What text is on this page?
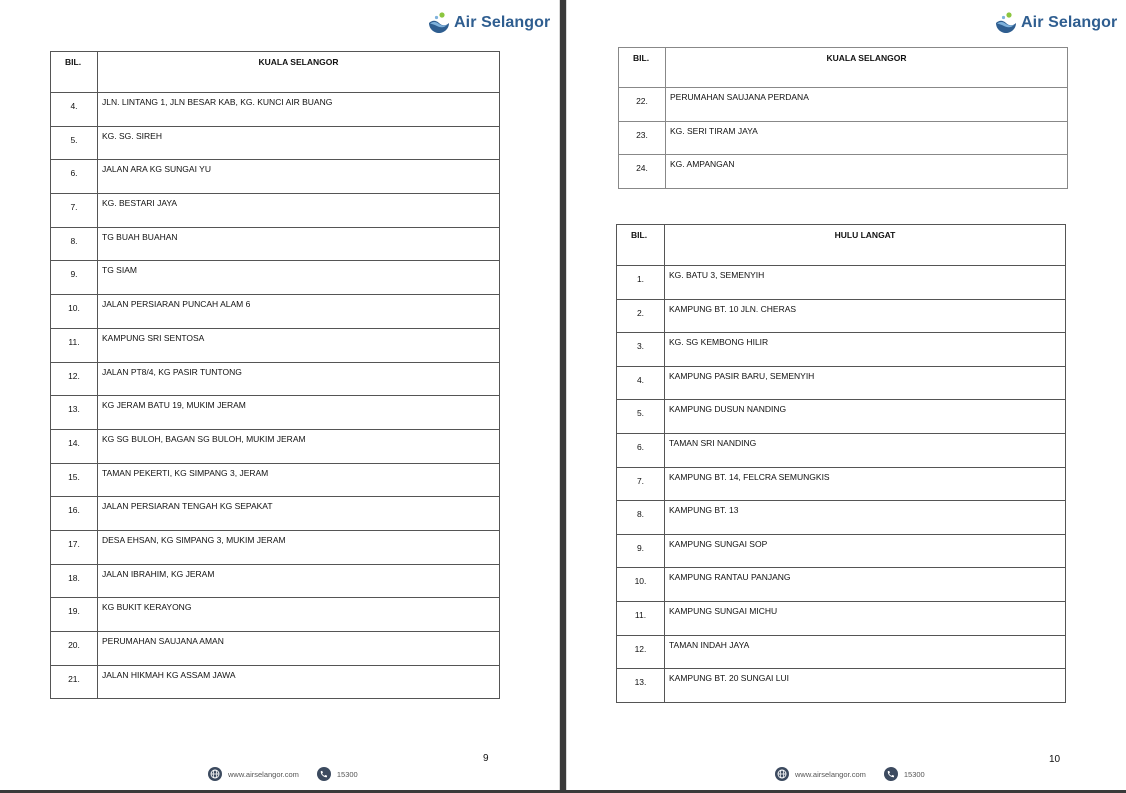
Air Selangor
BIL.	KUALA SELANGOR
4.	JLN. LINTANG 1, JLN BESAR KAB, KG. KUNCI AIR BUANG
5.	KG. SG. SIREH
6.	JALAN ARA KG SUNGAI YU
7.	KG. BESTARI JAYA
8.	TG BUAH BUAHAN
9.	TG SIAM
10.	JALAN PERSIARAN PUNCAH ALAM 6
11.	KAMPUNG SRI SENTOSA
12.	JALAN PT8/4, KG PASIR TUNTONG
13.	KG JERAM BATU 19, MUKIM JERAM
14.	KG SG BULOH, BAGAN SG BULOH, MUKIM JERAM
15.	TAMAN PEKERTI, KG SIMPANG 3, JERAM
16.	JALAN PERSIARAN TENGAH KG SEPAKAT
17.	DESA EHSAN, KG SIMPANG 3, MUKIM JERAM
18.	JALAN IBRAHIM, KG JERAM
19.	KG BUKIT KERAYONG
20.	PERUMAHAN SAUJANA AMAN
21.	JALAN HIKMAH KG ASSAM JAWA
9
www.airselangor.com	15300
Air Selangor
BIL.	KUALA SELANGOR
22.	PERUMAHAN SAUJANA PERDANA
23.	KG. SERI TIRAM JAYA
24.	KG. AMPANGAN
BIL.	HULU LANGAT
1.	KG. BATU 3, SEMENYIH
2.	KAMPUNG BT. 10 JLN. CHERAS
3.	KG. SG KEMBONG HILIR
4.	KAMPUNG PASIR BARU, SEMENYIH
5.	KAMPUNG DUSUN NANDING
6.	TAMAN SRI NANDING
7.	KAMPUNG BT. 14, FELCRA SEMUNGKIS
8.	KAMPUNG BT. 13
9.	KAMPUNG SUNGAI SOP
10.	KAMPUNG RANTAU PANJANG
11.	KAMPUNG SUNGAI MICHU
12.	TAMAN INDAH JAYA
13.	KAMPUNG BT. 20 SUNGAI LUI
10
www.airselangor.com	15300
